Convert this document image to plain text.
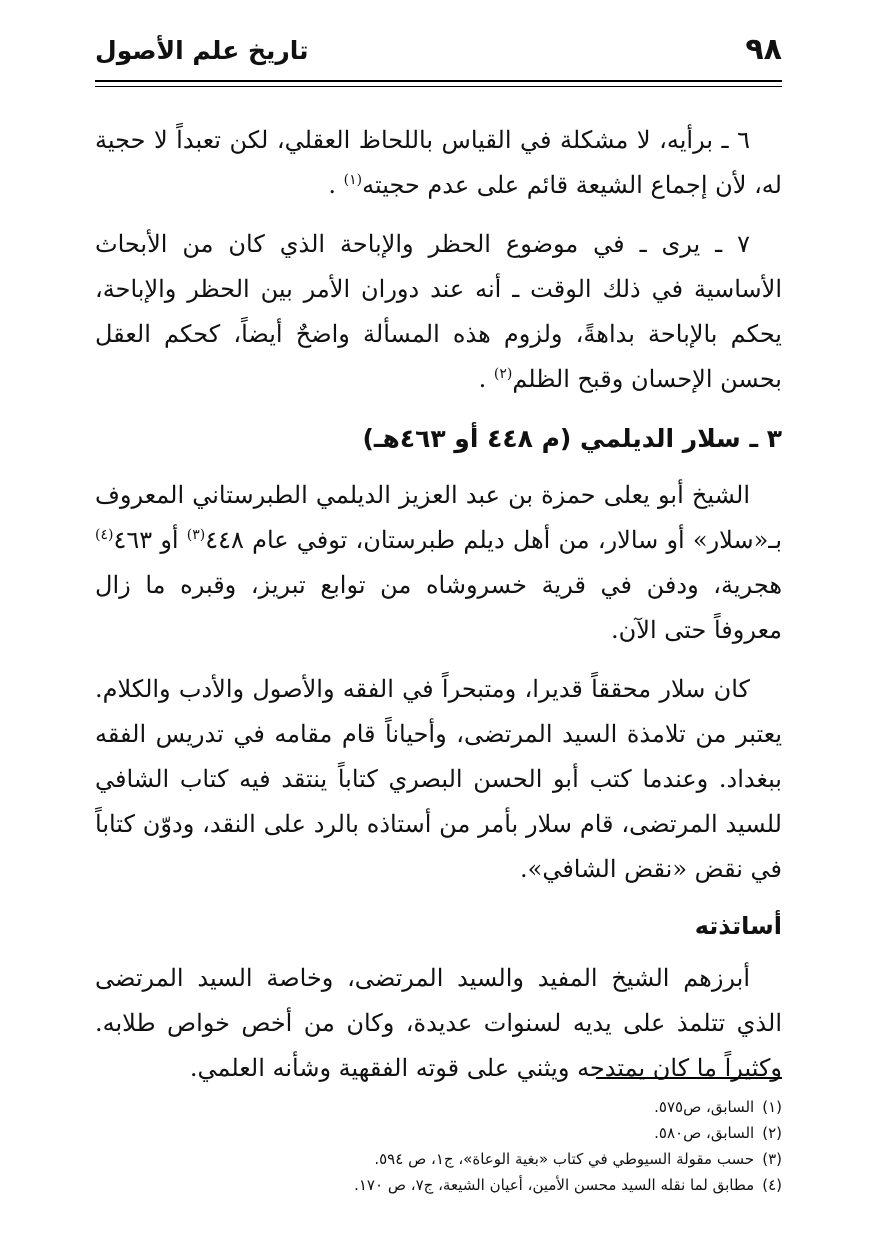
٩٨
تاريخ علم الأصول

٦ ـ برأيه، لا مشكلة في القياس باللحاظ العقلي، لكن تعبداً لا حجية له، لأن إجماع الشيعة قائم على عدم حجيته$^{(١)}$ .

٧ ـ يرى ـ في موضوع الحظر والإباحة الذي كان من الأبحاث الأساسية في ذلك الوقت ـ أنه عند دوران الأمر بين الحظر والإباحة، يحكم بالإباحة بداهةً، ولزوم هذه المسألة واضحٌ أيضاً، كحكم العقل بحسن الإحسان وقبح الظلم$^{(٢)}$ .

٣ ـ سلار الديلمي (م ٤٤٨ أو ٤٦٣هـ)

الشيخ أبو يعلى حمزة بن عبد العزيز الديلمي الطبرستاني المعروف بـ«سلار» أو سالار، من أهل ديلم طبرستان، توفي عام ٤٤٨$^{(٣)}$ أو ٤٦٣$^{(٤)}$ هجرية، ودفن في قرية خسروشاه من توابع تبريز، وقبره ما زال معروفاً حتى الآن.

كان سلار محققاً قديرا، ومتبحراً في الفقه والأصول والأدب والكلام. يعتبر من تلامذة السيد المرتضى، وأحياناً قام مقامه في تدريس الفقه ببغداد. وعندما كتب أبو الحسن البصري كتاباً ينتقد فيه كتاب الشافي للسيد المرتضى، قام سلار بأمر من أستاذه بالرد على النقد، ودوّن كتاباً في نقض «نقض الشافي».

أساتذته

أبرزهم الشيخ المفيد والسيد المرتضى، وخاصة السيد المرتضى الذي تتلمذ على يديه لسنوات عديدة، وكان من أخص خواص طلابه. وكثيراً ما كان يمتدحه ويثني على قوته الفقهية وشأنه العلمي.

(١)السابق، ص٥٧٥.
(٢)السابق، ص٥٨٠.
(٣)حسب مقولة السيوطي في كتاب «بغية الوعاة»، ج١، ص ٥٩٤.
(٤)مطابق لما نقله السيد محسن الأمين، أعيان الشيعة، ج٧، ص ١٧٠.
